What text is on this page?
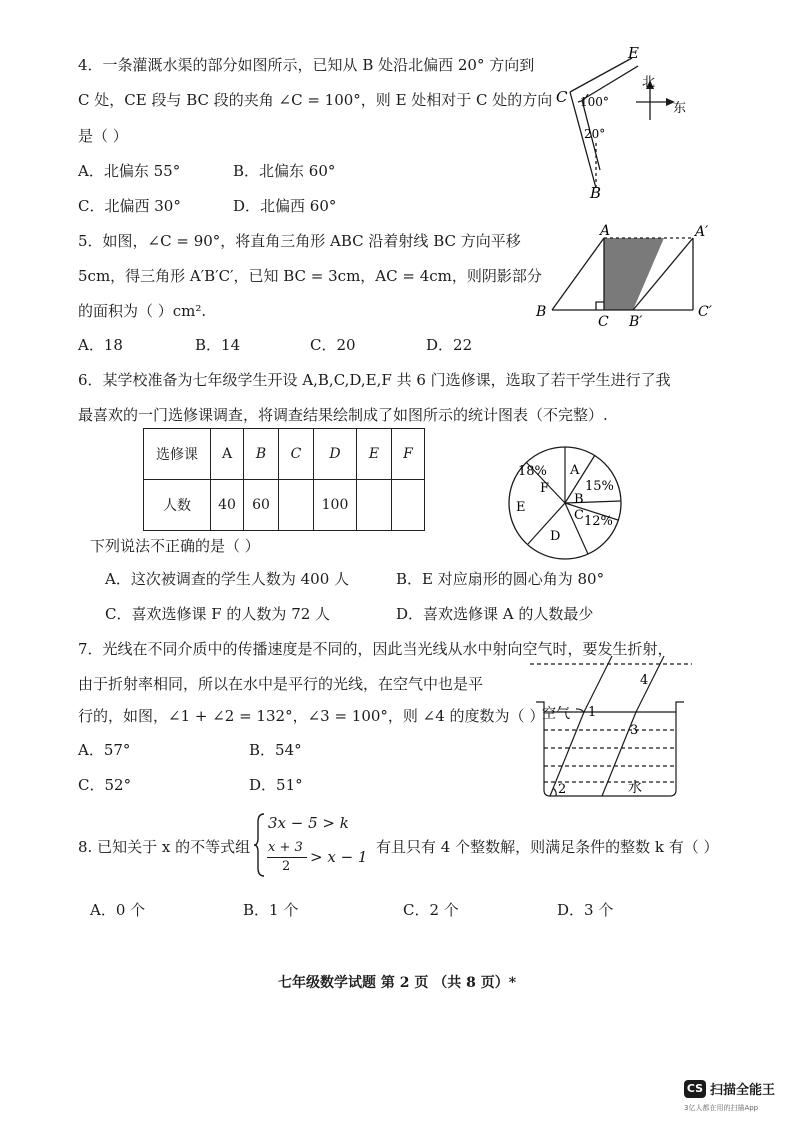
4．一条灌溉水渠的部分如图所示，已知从 B 处沿北偏西 20° 方向到
C 处，CE 段与 BC 段的夹角 ∠C = 100°，则 E 处相对于 C 处的方向
是（ ）
A．北偏东 55°	B．北偏东 60°
C．北偏西 30°	D．北偏西 60°
E
C
B
100°
20°
北
东
5．如图，∠C = 90°，将直角三角形 ABC 沿着射线 BC 方向平移
5cm，得三角形 A′B′C′，已知 BC = 3cm，AC = 4cm，则阴影部分
的面积为（ ）cm².
A．18	B．14	C．20	D．22
A	A′
B
C B′
C′
6．某学校准备为七年级学生开设 A,B,C,D,E,F 共 6 门选修课，选取了若干学生进行了我
最喜欢的一门选修课调查，将调查结果绘制成了如图所示的统计图表（不完整）.
选修课	A	B	C	D	E	F
人数	40	60		100		
18%
F
A
15%
B
C 12%
D
E
下列说法不正确的是（ ）
A．这次被调查的学生人数为 400 人	B．E 对应扇形的圆心角为 80°
C．喜欢选修课 F 的人数为 72 人	D．喜欢选修课 A 的人数最少
7．光线在不同介质中的传播速度是不同的，因此当光线从水中射向空气时，要发生折射，
由于折射率相同，所以在水中是平行的光线，在空气中也是平
行的，如图，∠1 + ∠2 = 132°，∠3 = 100°，则 ∠4 的度数为（ ）
A．57°	B．54°
C．52°	D．51°
空气 1
2
3
4
水
8. 已知关于 x 的不等式组
3x − 5 > k
x + 3
2
> x − 1
有且只有 4 个整数解，则满足条件的整数 k 有（ ）
A．0 个	B．1 个	C．2 个	D．3 个
七年级数学试题 第 2 页 （共 8 页）*
CS 扫描全能王
3亿人都在用的扫描App
